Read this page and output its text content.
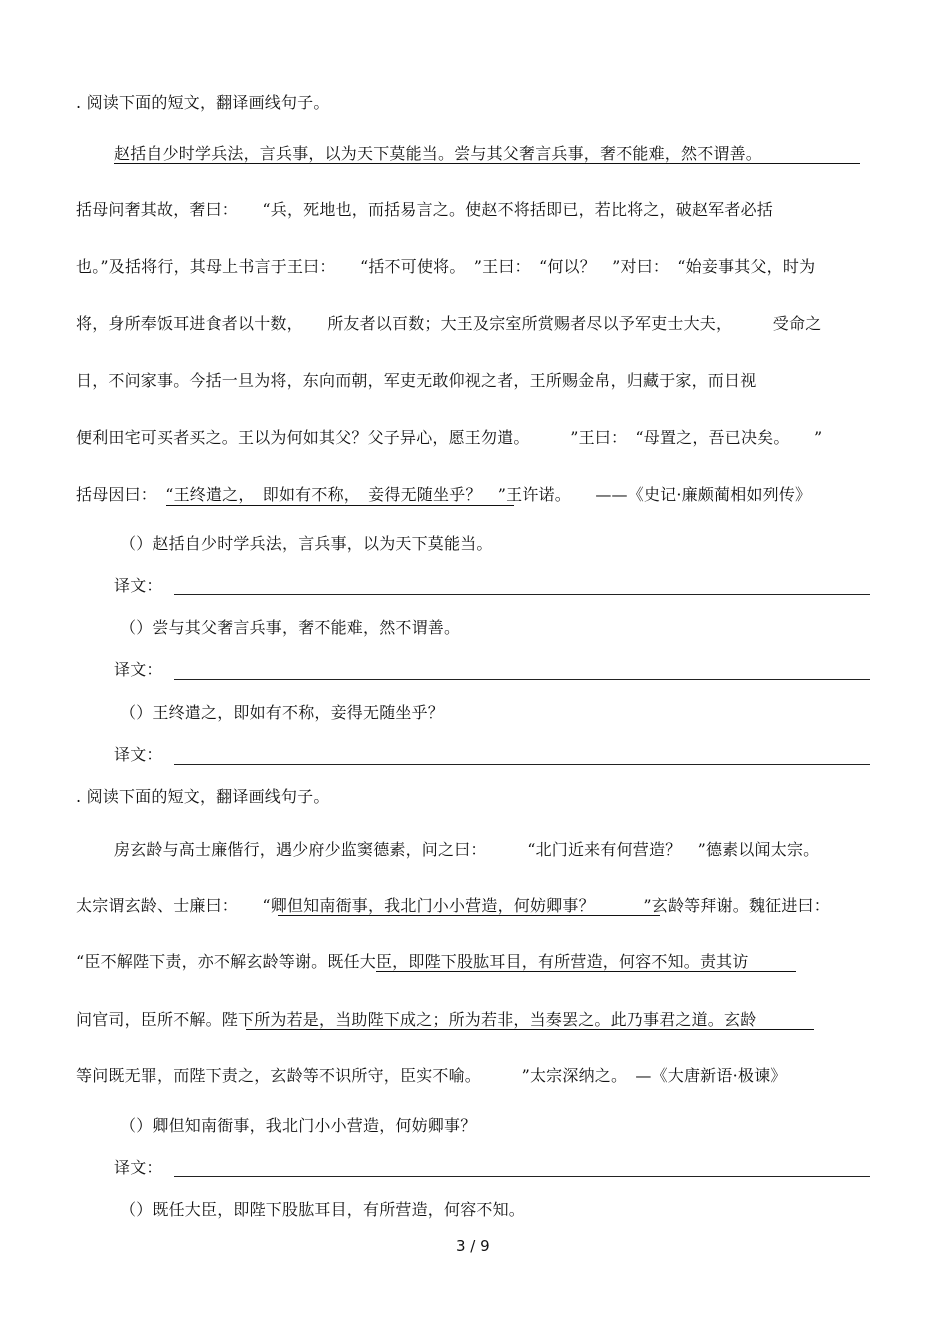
. 阅读下面的短文，翻译画线句子。
赵括自少时学兵法，言兵事，以为天下莫能当。尝与其父奢言兵事，奢不能难，然不谓善。
括母问奢其故，奢曰：　　“兵，死地也，而括易言之。使赵不将括即已，若比将之，破赵军者必括
也。”及括将行，其母上书言于王曰：　　“括不可使将。　”王曰：　“何以？　”对曰：　“始妾事其父，时为
将，身所奉饭耳进食者以十数，　　所友者以百数；大王及宗室所赏赐者尽以予军吏士大夫，　　　受命之
日，不问家事。今括一旦为将，东向而朝，军吏无敢仰视之者，王所赐金帛，归藏于家，而日视
便利田宅可买者买之。王以为何如其父？父子异心，愿王勿遣。　　　”王曰：　“母置之，吾已决矣。　　”
括母因曰：　“王终遣之，　即如有不称，　妾得无随坐乎？　”王许诺。　　——《史记·廉颇蔺相如列传》
（）赵括自少时学兵法，言兵事，以为天下莫能当。
译文：
（）尝与其父奢言兵事，奢不能难，然不谓善。
译文：
（）王终遣之，即如有不称，妾得无随坐乎？
译文：
. 阅读下面的短文，翻译画线句子。
房玄龄与高士廉偕行，遇少府少监窦德素，问之曰：　　　“北门近来有何营造？　”德素以闻太宗。
太宗谓玄龄、士廉曰：　　“卿但知南衙事，我北门小小营造，何妨卿事？　　　”玄龄等拜谢。魏征进曰：
“臣不解陛下责，亦不解玄龄等谢。既任大臣，即陛下股肱耳目，有所营造，何容不知。责其访
问官司，臣所不解。陛下所为若是，当助陛下成之；所为若非，当奏罢之。此乃事君之道。玄龄
等问既无罪，而陛下责之，玄龄等不识所守，臣实不喻。　　　”太宗深纳之。　—《大唐新语·极谏》
（）卿但知南衙事，我北门小小营造，何妨卿事？
译文：
（）既任大臣，即陛下股肱耳目，有所营造，何容不知。
3 / 9
